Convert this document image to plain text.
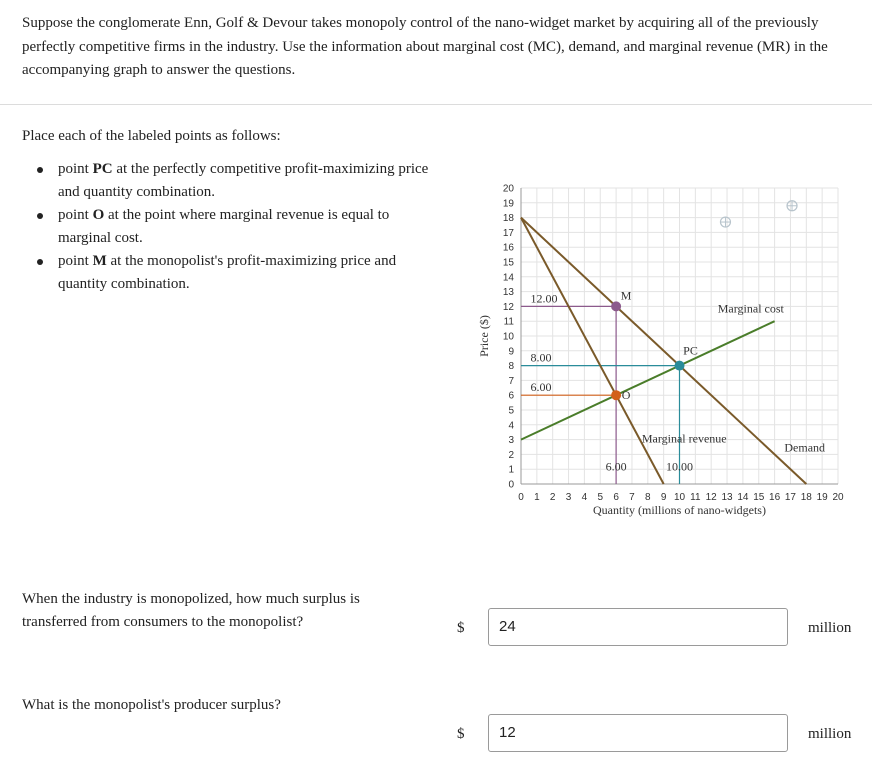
Suppose the conglomerate Enn, Golf & Devour takes monopoly control of the nano-widget market by acquiring all of the previously perfectly competitive firms in the industry. Use the information about marginal cost (MC), demand, and marginal revenue (MR) in the accompanying graph to answer the questions.
Place each of the labeled points as follows:
point PC at the perfectly competitive profit-maximizing price and quantity combination.
point O at the point where marginal revenue is equal to marginal cost.
point M at the monopolist's profit-maximizing price and quantity combination.
0
1
2
3
4
5
6
7
8
9
10
11
12
13
14
15
16
17
18
19
20
0 1 2 3 4 5 6 7 8 9 10 11 12 13 14 15 16 17 18 19 20
Quantity (millions of nano-widgets)
Price ($)
Marginal cost
Demand
Marginal revenue
12.00
8.00
6.00
6.00	10.00
M
O
PC
When the industry is monopolized, how much surplus is transferred from consumers to the monopolist?	$	24	million
What is the monopolist's producer surplus?
$	12	million
